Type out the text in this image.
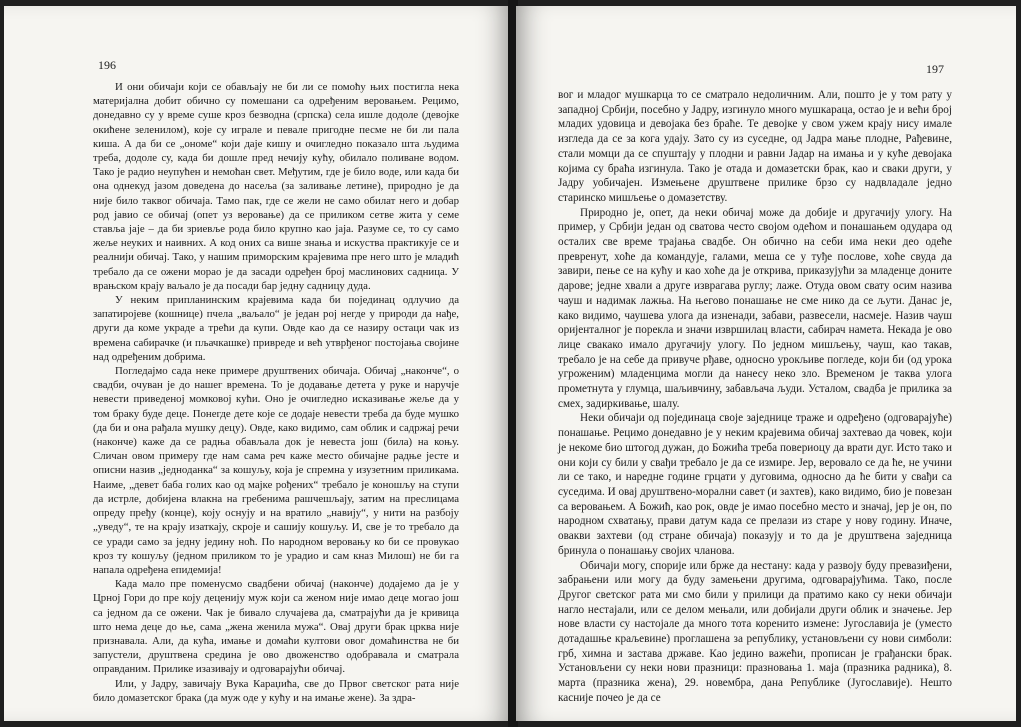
196

И они обичаји који се обављају не би ли се помоћу њих постигла нека материјална добит обично су помешани са одређеним веровањем. Рецимо, донедавно су у време суше кроз безводна (српска) села ишле додоле (девојке окићене зеленилом), које су играле и певале пригодне песме не би ли пала киша. А да би се „ономе“ који даје кишу и очигледно показало шта људима треба, додоле су, када би дошле пред нечију кућу, обилало поливане водом. Тако је радио неупућен и немоћан свет. Међутим, где је било воде, или када би она однекуд јазом доведена до насеља (за заливање летине), природно је да није било таквог обичаја. Тамо пак, где се жели не само обилат него и добар род јавио се обичај (опет уз веровање) да се приликом сетве жита у семе ставља јаје – да би зриевље рода било крупно као јаја. Разуме се, то су само жеље неуких и наивних. А код оних са више знања и искуства практикује се и реалнији обичај. Тако, у нашим приморским крајевима пре него што је младић требало да се ожени морао је да засади одређен број маслинових садница. У врањском крају ваљало је да посади бар једну садницу дуда.

У неким припланинским крајевима када би појединац одлучио да запатиројеве (кошнице) пчела „ваљало“ је један рој негде у природи да нађе, други да коме украде а трећи да купи. Овде као да се назиру остаци чак из времена сабирачке (и пљачкашке) привреде и већ утврђеног постојања својине над одређеним добрима.

Погледајмо сада неке примере друштвених обичаја. Обичај „наконче“, о свадби, очуван је до нашег времена. То је додавање детета у руке и наручје невести приведеној момковој кући. Оно је очигледно исказивање жеље да у том браку буде деце. Понегде дете које се додаје невести треба да буде мушко (да би и она рађала мушку децу). Овде, како видимо, сам облик и садржај речи (наконче) каже да се радња обављала док је невеста још (била) на коњу. Сличан овом примеру где нам сама реч каже место обичајне радње јесте и описни назив „једноданка“ за кошуљу, која је спремна у изузетним приликама. Наиме, „девет баба голих као од мајке рођених“ требало је коношљу на ступи да истрле, добијена влакна на гребенима рашчешљају, затим на преслицама опреду пређу (конце), коју оснују и на вратило „навију“, у нити на разбоју „уведу“, те на крају изаткају, скроје и сашију кошуљу. И, све је то требало да се уради само за једну једину ноћ. По народном веровању ко би се провукао кроз ту кошуљу (једном приликом то је урадио и сам кназ Милош) не би га напала одређена епидемија!

Када мало пре поменусмо свадбени обичај (наконче) додајемо да је у Црној Гори до пре коју деценију муж који са женом није имао деце могао још са једном да се ожени. Чак је бивало случајева да, сматрајући да је кривица што нема деце до ње, сама „жена женила мужа“. Овај други брак црква није признавала. Али, да кућа, имање и домаћи култови овог домаћинства не би запустели, друштвена средина је ово двоженство одобравала и сматрала оправданим. Прилике изазивају и одговарајући обичај.

Или, у Јадру, завичају Вука Караџића, све до Првог светског рата није било домазетског брака (да муж оде у кућу и на имање жене). За здра-

197

вог и младог мушкарца то се сматрало недоличним. Али, пошто је у том рату у западној Србији, посебно у Јадру, изгинуло много мушкараца, остао је и већи број младих удовица и девојака без браће. Те девојке у свом ужем крају нису имале изгледа да се за кога удају. Зато су из суседне, од Јадра мање плодне, Рађевине, стали момци да се спуштају у плодни и равни Јадар на имања и у куће девојака којима су браћа изгинула. Тако је отада и домазетски брак, као и сваки други, у Јадру уобичајен. Измењене друштвене прилике брзо су надвладале једно старинско мишљење о домазетству.

Природно је, опет, да неки обичај може да добије и другачију улогу. На пример, у Србији један од сватова често својом одећом и понашањем одудара од осталих све време трајања свадбе. Он обично на себи има неки део одеће превренут, хоће да командује, галами, меша се у туђе послове, хоће свуда да завири, пење се на кућу и као хоће да је открива, приказујући за младенце доните дарове; једне хвали а друге изврагава руглу; лаже. Отуда овом свату осим назива чауш и надимак лажња. На његово понашање не сме нико да се љути. Данас је, како видимо, чаушева улога да изненади, забави, развесели, насмеје. Назив чауш оријенталног је порекла и значи извршилац власти, сабирач намета. Некада је ово лице свакако имало другачију улогу. По једном мишљењу, чауш, као такав, требало је на себе да привуче рђаве, односно урокљиве погледе, који би (од урока угроженим) младенцима могли да нанесу неко зло. Временом је таква улога прометнута у глумца, шаљивчину, забављача људи. Усталом, свадба је прилика за смех, задиркивање, шалу.

Неки обичаји од појединаца своје заједнице траже и одређено (одговарајуће) понашање. Рецимо донедавно је у неким крајевима обичај захтевао да човек, који је некоме био штогод дужан, до Божића треба повериоцу да врати дуг. Исто тако и они који су били у свађи требало је да се измире. Јер, веровало се да ће, не учини ли се тако, и наредне године грцати у дуговима, односно да ће бити у свађи са суседима. И овај друштвено-морални савет (и захтев), како видимо, био је повезан са веровањем. А Божић, као рок, овде је имао посебно место и значај, јер је он, по народном схватању, прави датум када се прелази из старе у нову годину. Иначе, овакви захтеви (од стране обичаја) показују и то да је друштвена заједница бринула о понашању својих чланова.

Обичаји могу, спорије или брже да нестану: када у развоју буду превазиђени, забрањени или могу да буду замењени другима, одговарајућима. Тако, после Другог светског рата ми смо били у прилици да пратимо како су неки обичаји нагло нестајали, или се делом мењали, или добијали други облик и значење. Јер нове власти су настојале да много тота коренито измене: Југославија је (уместо дотадашње краљевине) проглашена за републику, установљени су нови симболи: грб, химна и застава државе. Као једино важећи, прописан је грађански брак. Установљени су неки нови празници: празновања 1. маја (празника радника), 8. марта (празника жена), 29. новембра, дана Републике (Југославије). Нешто касније почео је да се
